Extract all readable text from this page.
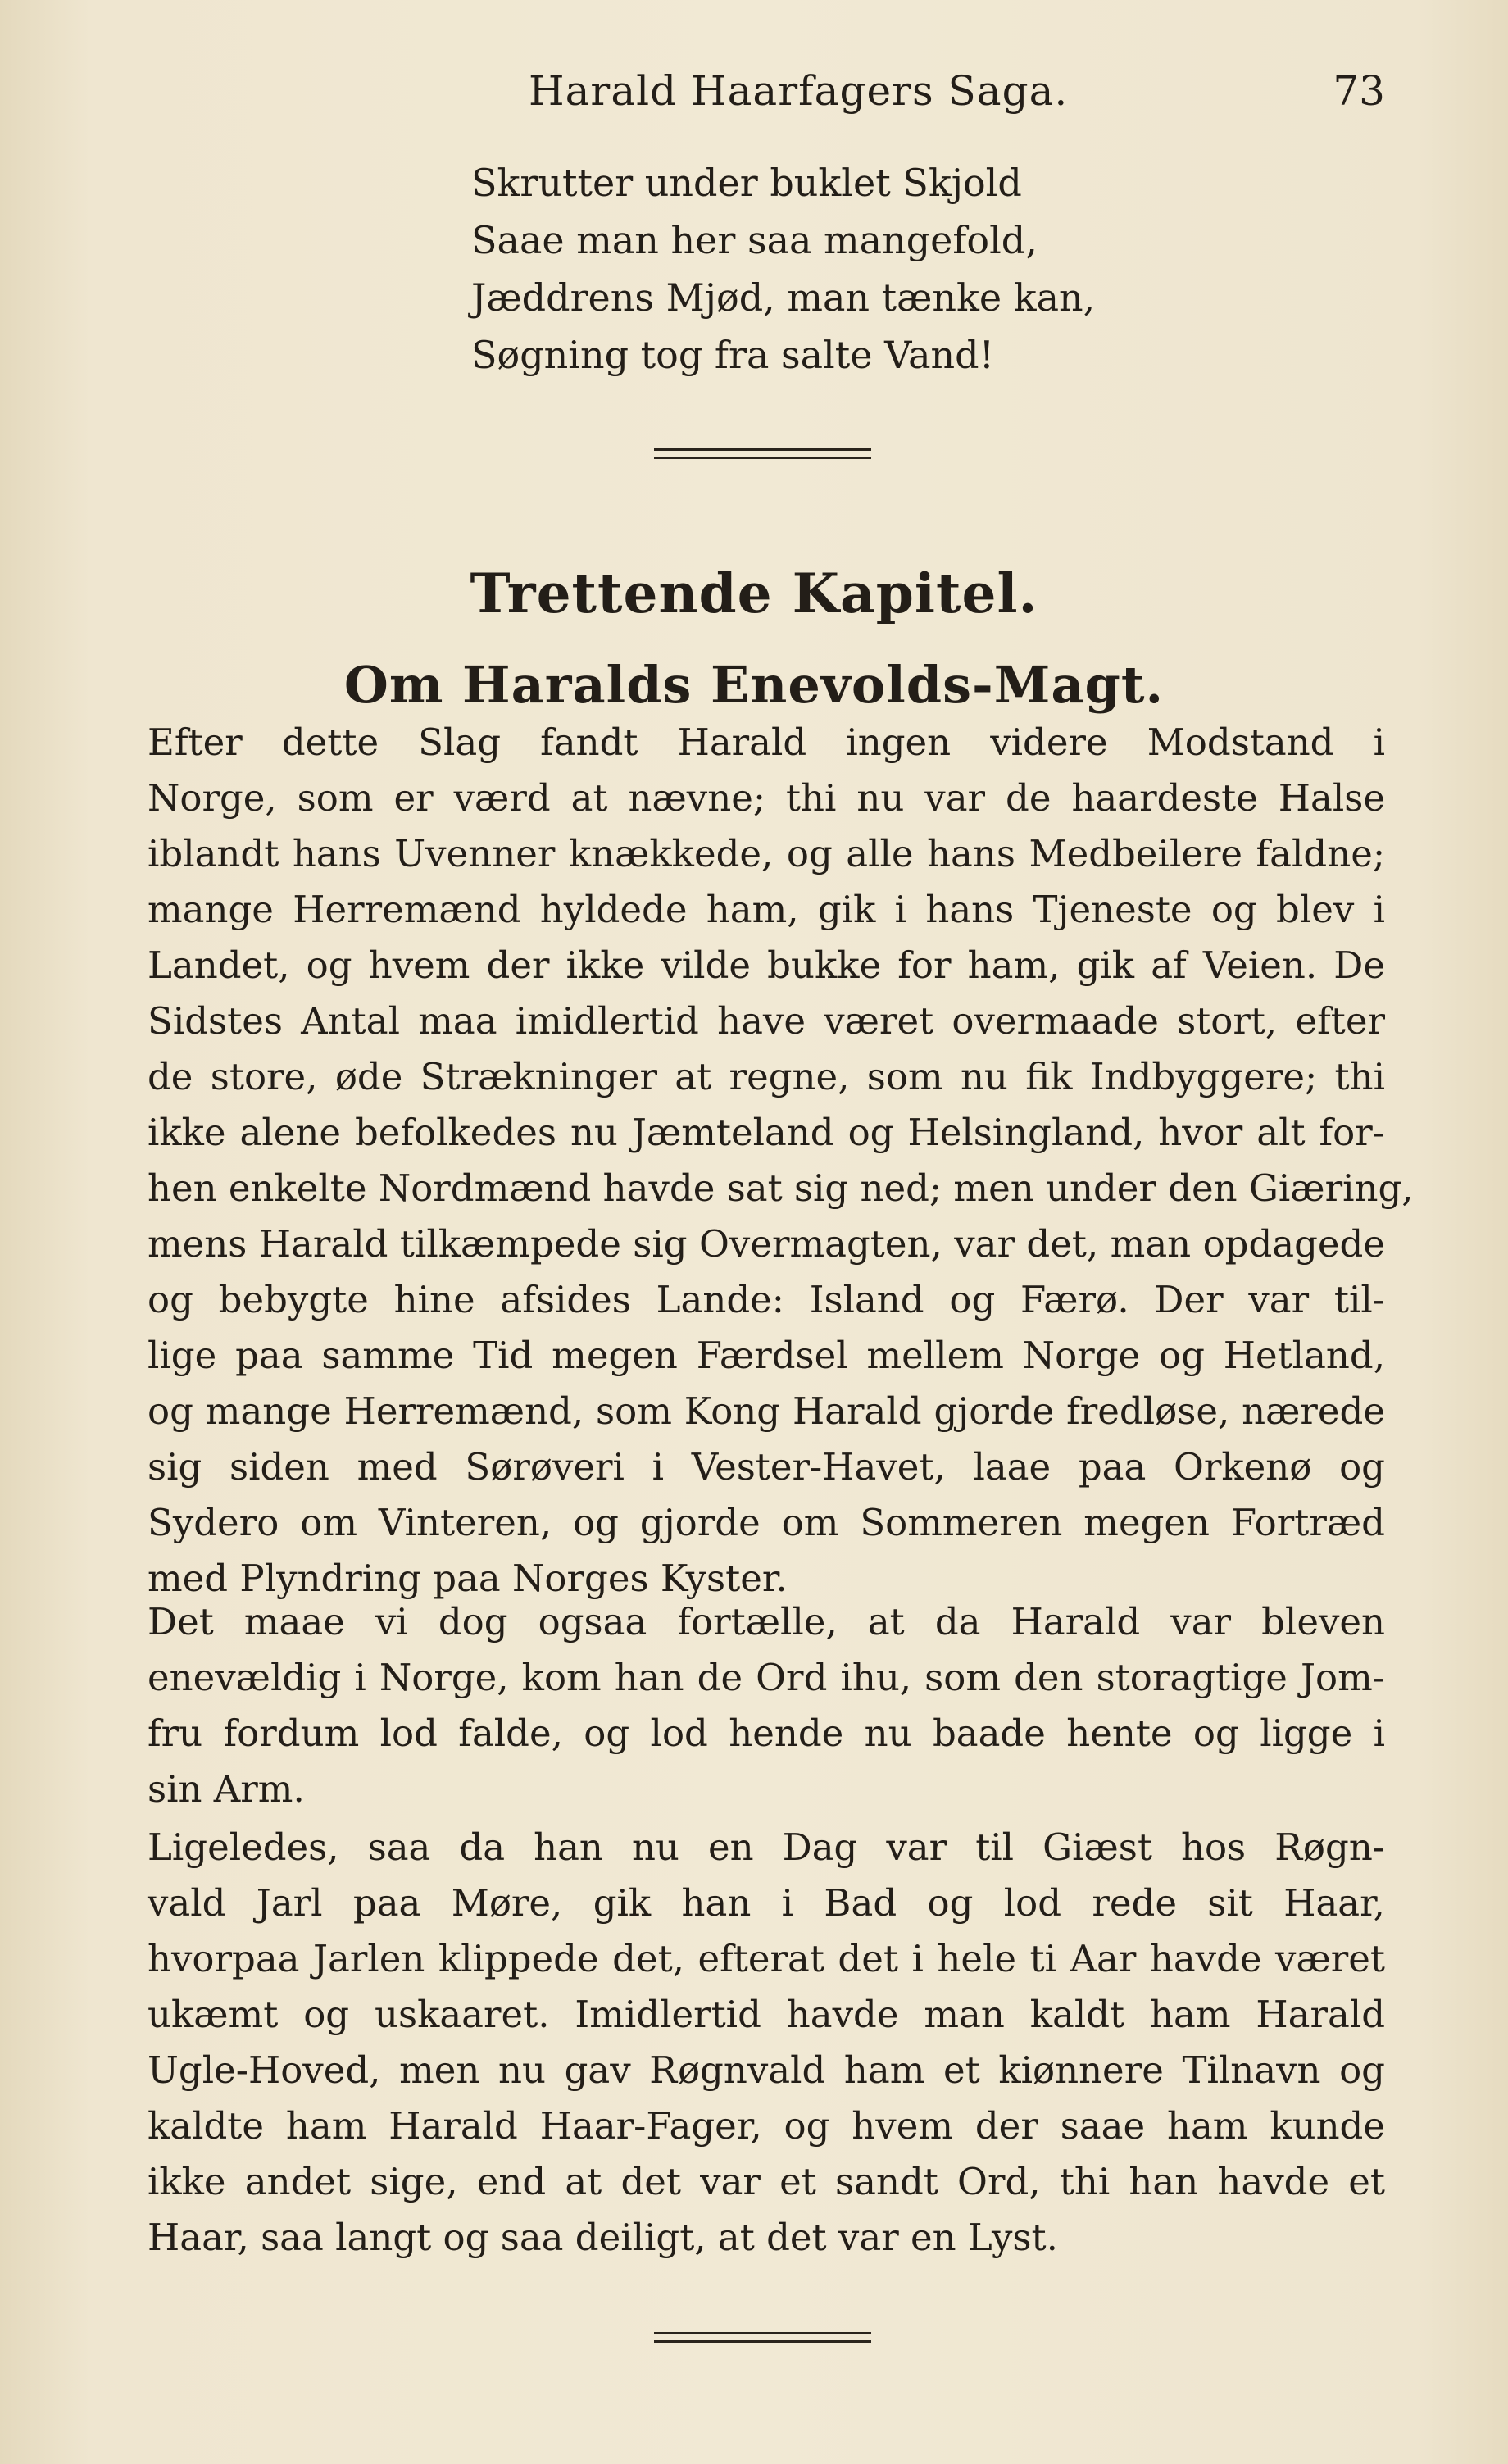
Harald Haarfagers Saga.	73
Skrutter under buklet Skjold
Saae man her saa mangefold,
Jæddrens Mjød, man tænke kan,
Søgning tog fra salte Vand!
Trettende Kapitel.
Om Haralds Enevolds-Magt.
Efter dette Slag fandt Harald ingen videre Modstand i
Norge, som er værd at nævne; thi nu var de haardeste Halse
iblandt hans Uvenner knækkede, og alle hans Medbeilere faldne;
mange Herremænd hyldede ham, gik i hans Tjeneste og blev i
Landet, og hvem der ikke vilde bukke for ham, gik af Veien. De
Sidstes Antal maa imidlertid have været overmaade stort, efter
de store, øde Strækninger at regne, som nu fik Indbyggere; thi
ikke alene befolkedes nu Jæmteland og Helsingland, hvor alt for-
hen enkelte Nordmænd havde sat sig ned; men under den Giæring,
mens Harald tilkæmpede sig Overmagten, var det, man opdagede
og bebygte hine afsides Lande: Island og Færø. Der var til-
lige paa samme Tid megen Færdsel mellem Norge og Hetland,
og mange Herremænd, som Kong Harald gjorde fredløse, nærede
sig siden med Sørøveri i Vester-Havet, laae paa Orkenø og
Sydero om Vinteren, og gjorde om Sommeren megen Fortræd
med Plyndring paa Norges Kyster.
Det maae vi dog ogsaa fortælle, at da Harald var bleven
enevældig i Norge, kom han de Ord ihu, som den storagtige Jom-
fru fordum lod falde, og lod hende nu baade hente og ligge i
sin Arm.
Ligeledes, saa da han nu en Dag var til Giæst hos Røgn-
vald Jarl paa Møre, gik han i Bad og lod rede sit Haar,
hvorpaa Jarlen klippede det, efterat det i hele ti Aar havde været
ukæmt og uskaaret. Imidlertid havde man kaldt ham Harald
Ugle-Hoved, men nu gav Røgnvald ham et kiønnere Tilnavn og
kaldte ham Harald Haar-Fager, og hvem der saae ham kunde
ikke andet sige, end at det var et sandt Ord, thi han havde et
Haar, saa langt og saa deiligt, at det var en Lyst.
